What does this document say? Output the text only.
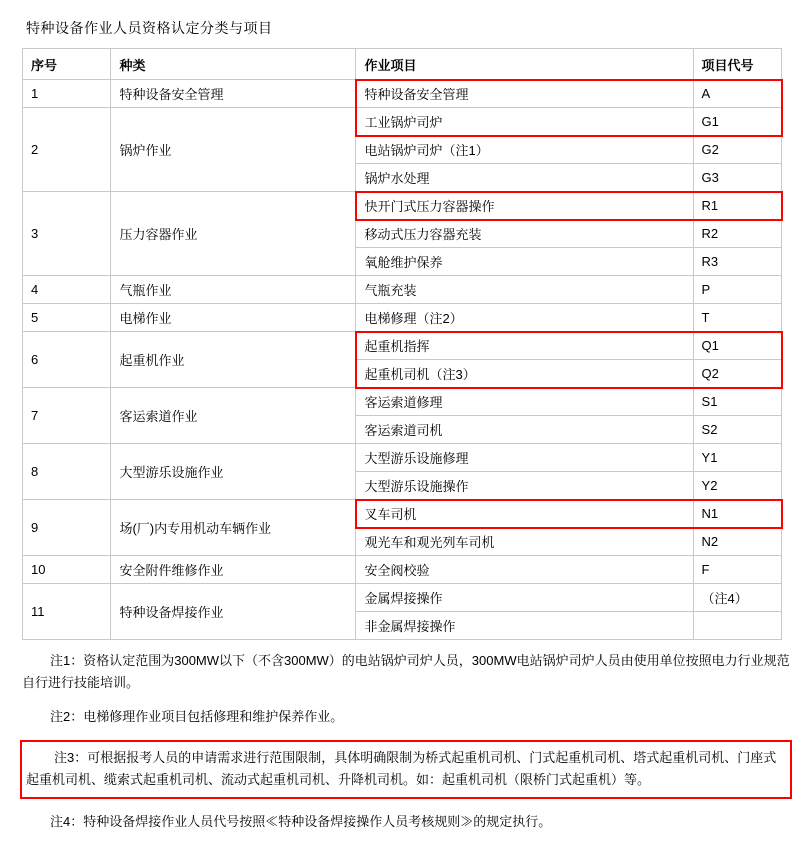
特种设备作业人员资格认定分类与项目
序号	种类	作业项目	项目代号
1	特种设备安全管理	特种设备安全管理	A
2	锅炉作业	工业锅炉司炉	G1
		电站锅炉司炉（注1）	G2
		锅炉水处理	G3
3	压力容器作业	快开门式压力容器操作	R1
		移动式压力容器充装	R2
		氧舱维护保养	R3
4	气瓶作业	气瓶充装	P
5	电梯作业	电梯修理（注2）	T
6	起重机作业	起重机指挥	Q1
		起重机司机（注3）	Q2
7	客运索道作业	客运索道修理	S1
		客运索道司机	S2
8	大型游乐设施作业	大型游乐设施修理	Y1
		大型游乐设施操作	Y2
9	场(厂)内专用机动车辆作业	叉车司机	N1
		观光车和观光列车司机	N2
10	安全附件维修作业	安全阀校验	F
11	特种设备焊接作业	金属焊接操作	（注4）
		非金属焊接操作	
注1：资格认定范围为300MW以下（不含300MW）的电站锅炉司炉人员，300MW电站锅炉司炉人员由使用单位按照电力行业规范自行进行技能培训。
注2：电梯修理作业项目包括修理和维护保养作业。
注3：可根据报考人员的申请需求进行范围限制，具体明确限制为桥式起重机司机、门式起重机司机、塔式起重机司机、门座式起重机司机、缆索式起重机司机、流动式起重机司机、升降机司机。如：起重机司机（限桥门式起重机）等。
注4：特种设备焊接作业人员代号按照≪特种设备焊接操作人员考核规则≫的规定执行。
